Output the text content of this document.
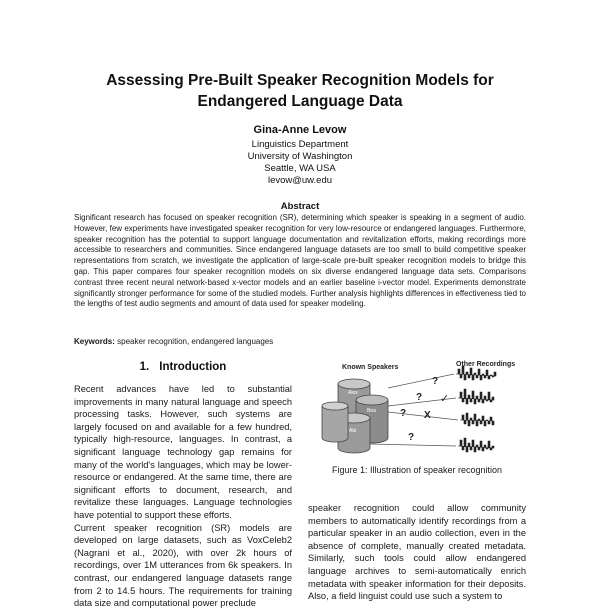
Assessing Pre-Built Speaker Recognition Models for Endangered Language Data
Gina-Anne Levow
Linguistics Department
University of Washington
Seattle, WA USA
levow@uw.edu
Abstract
Significant research has focused on speaker recognition (SR), determining which speaker is speaking in a segment of audio. However, few experiments have investigated speaker recognition for very low-resource or endangered languages. Furthermore, speaker recognition has the potential to support language documentation and revitalization efforts, making recordings more accessible to researchers and communities. Since endangered language datasets are too small to build competitive speaker representations from scratch, we investigate the application of large-scale pre-built speaker recognition models to bridge this gap. This paper compares four speaker recognition models on six diverse endangered language data sets. Comparisons contrast three recent neural network-based x-vector models and an earlier baseline i-vector model. Experiments demonstrate significantly stronger performance for some of the studied models. Further analysis highlights differences in effectiveness tied to the lengths of test audio segments and amount of data used for speaker modeling.
Keywords: speaker recognition, endangered languages
1. Introduction

Recent advances have led to substantial improvements in many natural language and speech processing tasks. However, such systems are largely focused on and available for a few hundred, typically high-resource, languages. In contrast, a significant language technology gap remains for many of the world's languages, which may be lower-resource or endangered. At the same time, there are significant efforts to document, research, and revitalize these languages. Language technologies have potential to support these efforts.

Current speaker recognition (SR) models are developed on large datasets, such as VoxCeleb2 (Nagrani et al., 2020), with over 2k hours of recordings, over 1M utterances from 6k speakers. In contrast, our endangered language datasets range from 2 to 14.5 hours. The requirements for training data size and computational power preclude

Known Speakers	Other Recordings
Alex
Bea
Abi
?
?
?
?
✓
X
Figure 1: Illustration of speaker recognition
speaker recognition could allow community members to automatically identify recordings from a particular speaker in an audio collection, even in the absence of complete, manually created metadata. Similarly, such tools could allow endangered language archives to semi-automatically enrich metadata with speaker information for their deposits. Also, a field linguist could use such a system to
